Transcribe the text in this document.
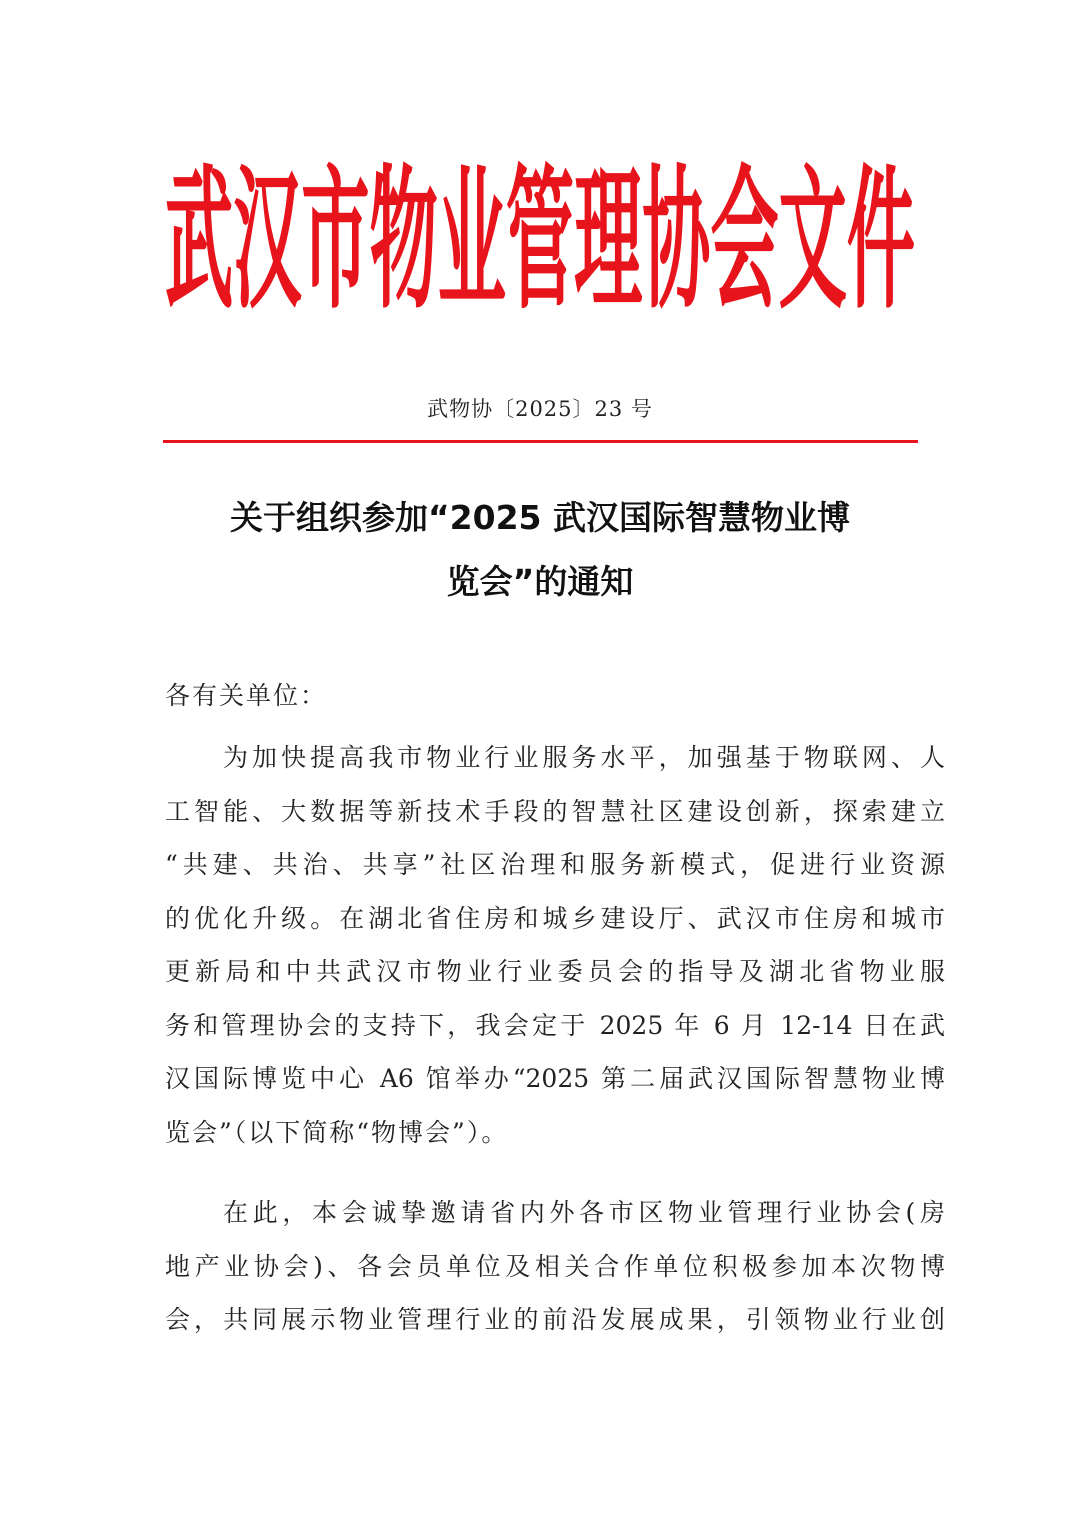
武汉市物业管理协会文件
武物协〔2025〕23 号
关于组织参加“2025 武汉国际智慧物业博
览会”的通知
各有关单位：
为加快提高我市物业行业服务水平，加强基于物联网、人
工智能、大数据等新技术手段的智慧社区建设创新，探索建立
“共建、共治、共享”社区治理和服务新模式，促进行业资源
的优化升级。在湖北省住房和城乡建设厅、武汉市住房和城市
更新局和中共武汉市物业行业委员会的指导及湖北省物业服
务和管理协会的支持下，我会定于 2025 年 6 月 12-14 日在武
汉国际博览中心 A6 馆举办“2025 第二届武汉国际智慧物业博
览会”（以下简称“物博会”）。
在此，本会诚挚邀请省内外各市区物业管理行业协会(房
地产业协会)、各会员单位及相关合作单位积极参加本次物博
会，共同展示物业管理行业的前沿发展成果，引领物业行业创
